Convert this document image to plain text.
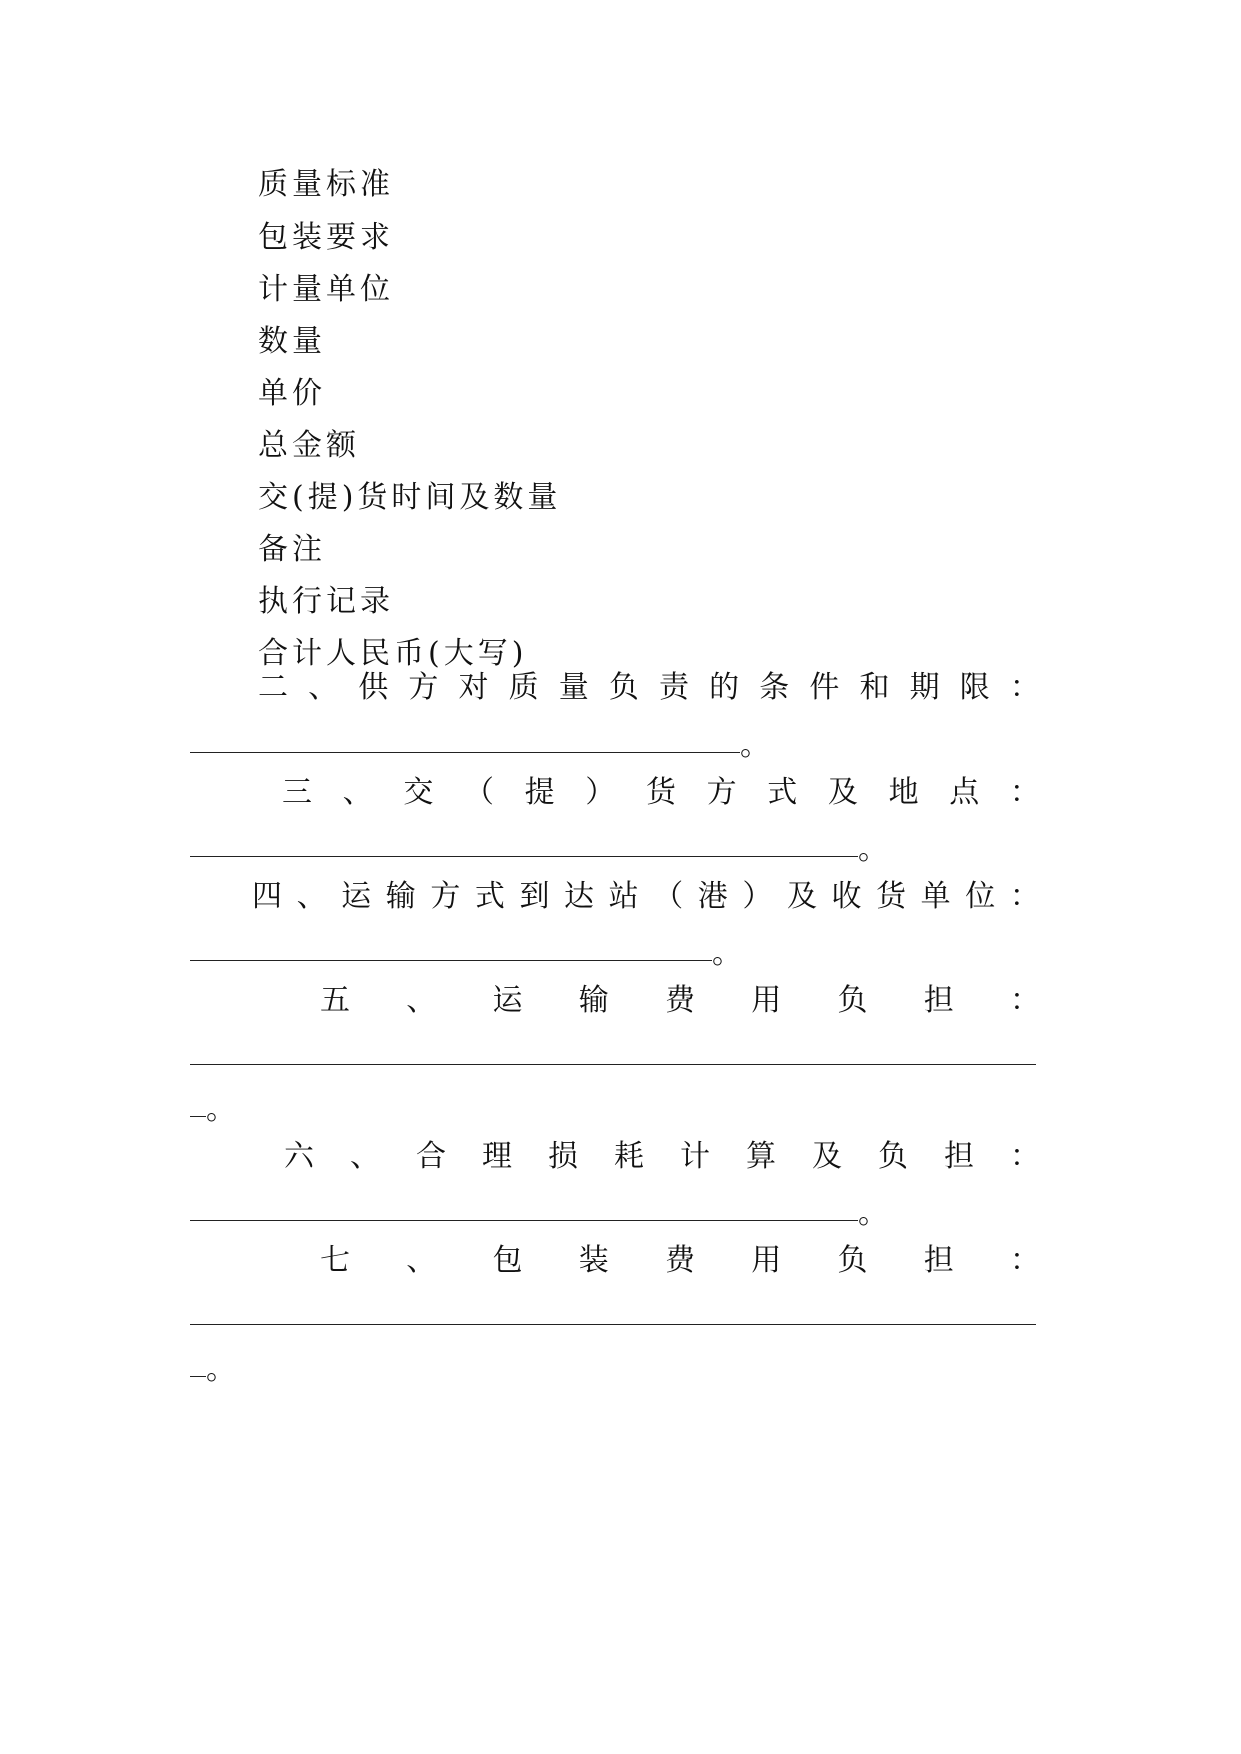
质量标准
包装要求
计量单位
数量
单价
总金额
交(提)货时间及数量
备注
执行记录
合计人民币(大写)
二 、 供 方 对 质 量 负 责 的 条 件 和 期 限 ：
。
三 、 交 （ 提 ） 货 方 式 及 地 点 ：
。
四 、 运 输 方 式 到 达 站 （ 港 ） 及 收 货 单 位 ：
。
五 、 运 输 费 用 负 担 ：
。
六 、 合 理 损 耗 计 算 及 负 担 ：
。
七 、 包 装 费 用 负 担 ：
。
